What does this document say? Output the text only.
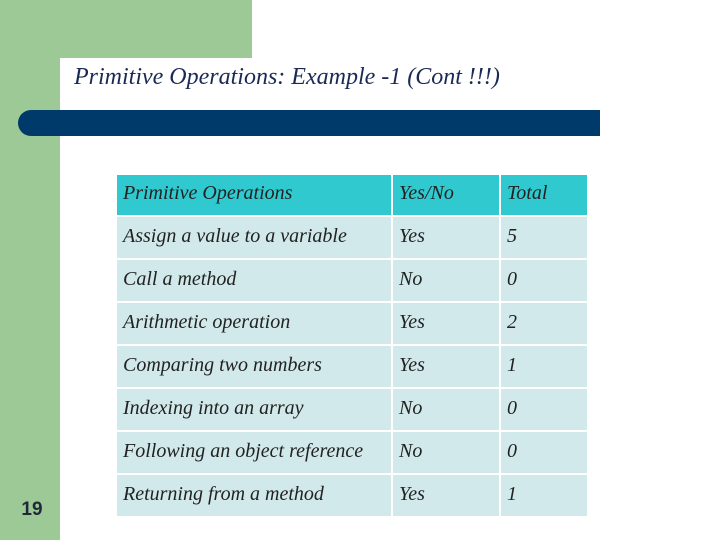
Primitive Operations: Example -1 (Cont !!!)
Primitive Operations	Yes/No	Total
Assign a value to a variable	Yes	5
Call a method	No	0
Arithmetic operation	Yes	2
Comparing two numbers	Yes	1
Indexing into an array	No	0
Following an object reference	No	0
Returning from a method	Yes	1
19
